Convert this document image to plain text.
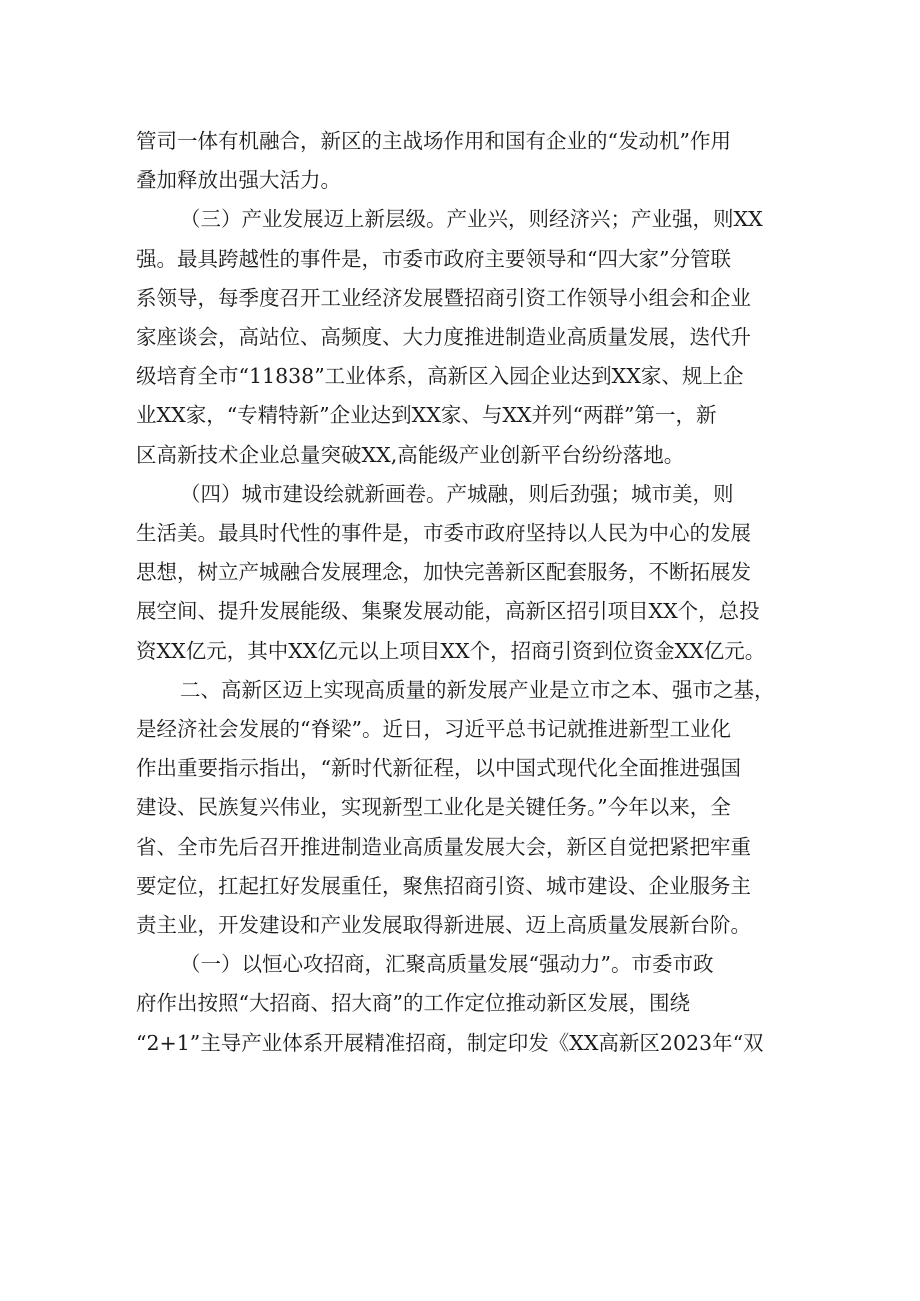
管司一体有机融合，新区的主战场作用和国有企业的“发动机”作用
叠加释放出强大活力。

（三）产业发展迈上新层级。产业兴，则经济兴；产业强，则XX
强。最具跨越性的事件是，市委市政府主要领导和“四大家”分管联
系领导，每季度召开工业经济发展暨招商引资工作领导小组会和企业
家座谈会，高站位、高频度、大力度推进制造业高质量发展，迭代升
级培育全市“11838”工业体系，高新区入园企业达到XX家、规上企
业XX家，“专精特新”企业达到XX家、与XX并列“两群”第一，新
区高新技术企业总量突破XX,高能级产业创新平台纷纷落地。

（四）城市建设绘就新画卷。产城融，则后劲强；城市美，则
生活美。最具时代性的事件是，市委市政府坚持以人民为中心的发展
思想，树立产城融合发展理念，加快完善新区配套服务，不断拓展发
展空间、提升发展能级、集聚发展动能，高新区招引项目XX个，总投
资XX亿元，其中XX亿元以上项目XX个，招商引资到位资金XX亿元。

二、高新区迈上实现高质量的新发展产业是立市之本、强市之基，
是经济社会发展的“脊梁”。近日，习近平总书记就推进新型工业化
作出重要指示指出，“新时代新征程，以中国式现代化全面推进强国
建设、民族复兴伟业，实现新型工业化是关键任务。”今年以来，全
省、全市先后召开推进制造业高质量发展大会，新区自觉把紧把牢重
要定位，扛起扛好发展重任，聚焦招商引资、城市建设、企业服务主
责主业，开发建设和产业发展取得新进展、迈上高质量发展新台阶。

（一）以恒心攻招商，汇聚高质量发展“强动力”。市委市政
府作出按照“大招商、招大商”的工作定位推动新区发展，围绕
“2+1”主导产业体系开展精准招商，制定印发《XX高新区2023年“双
